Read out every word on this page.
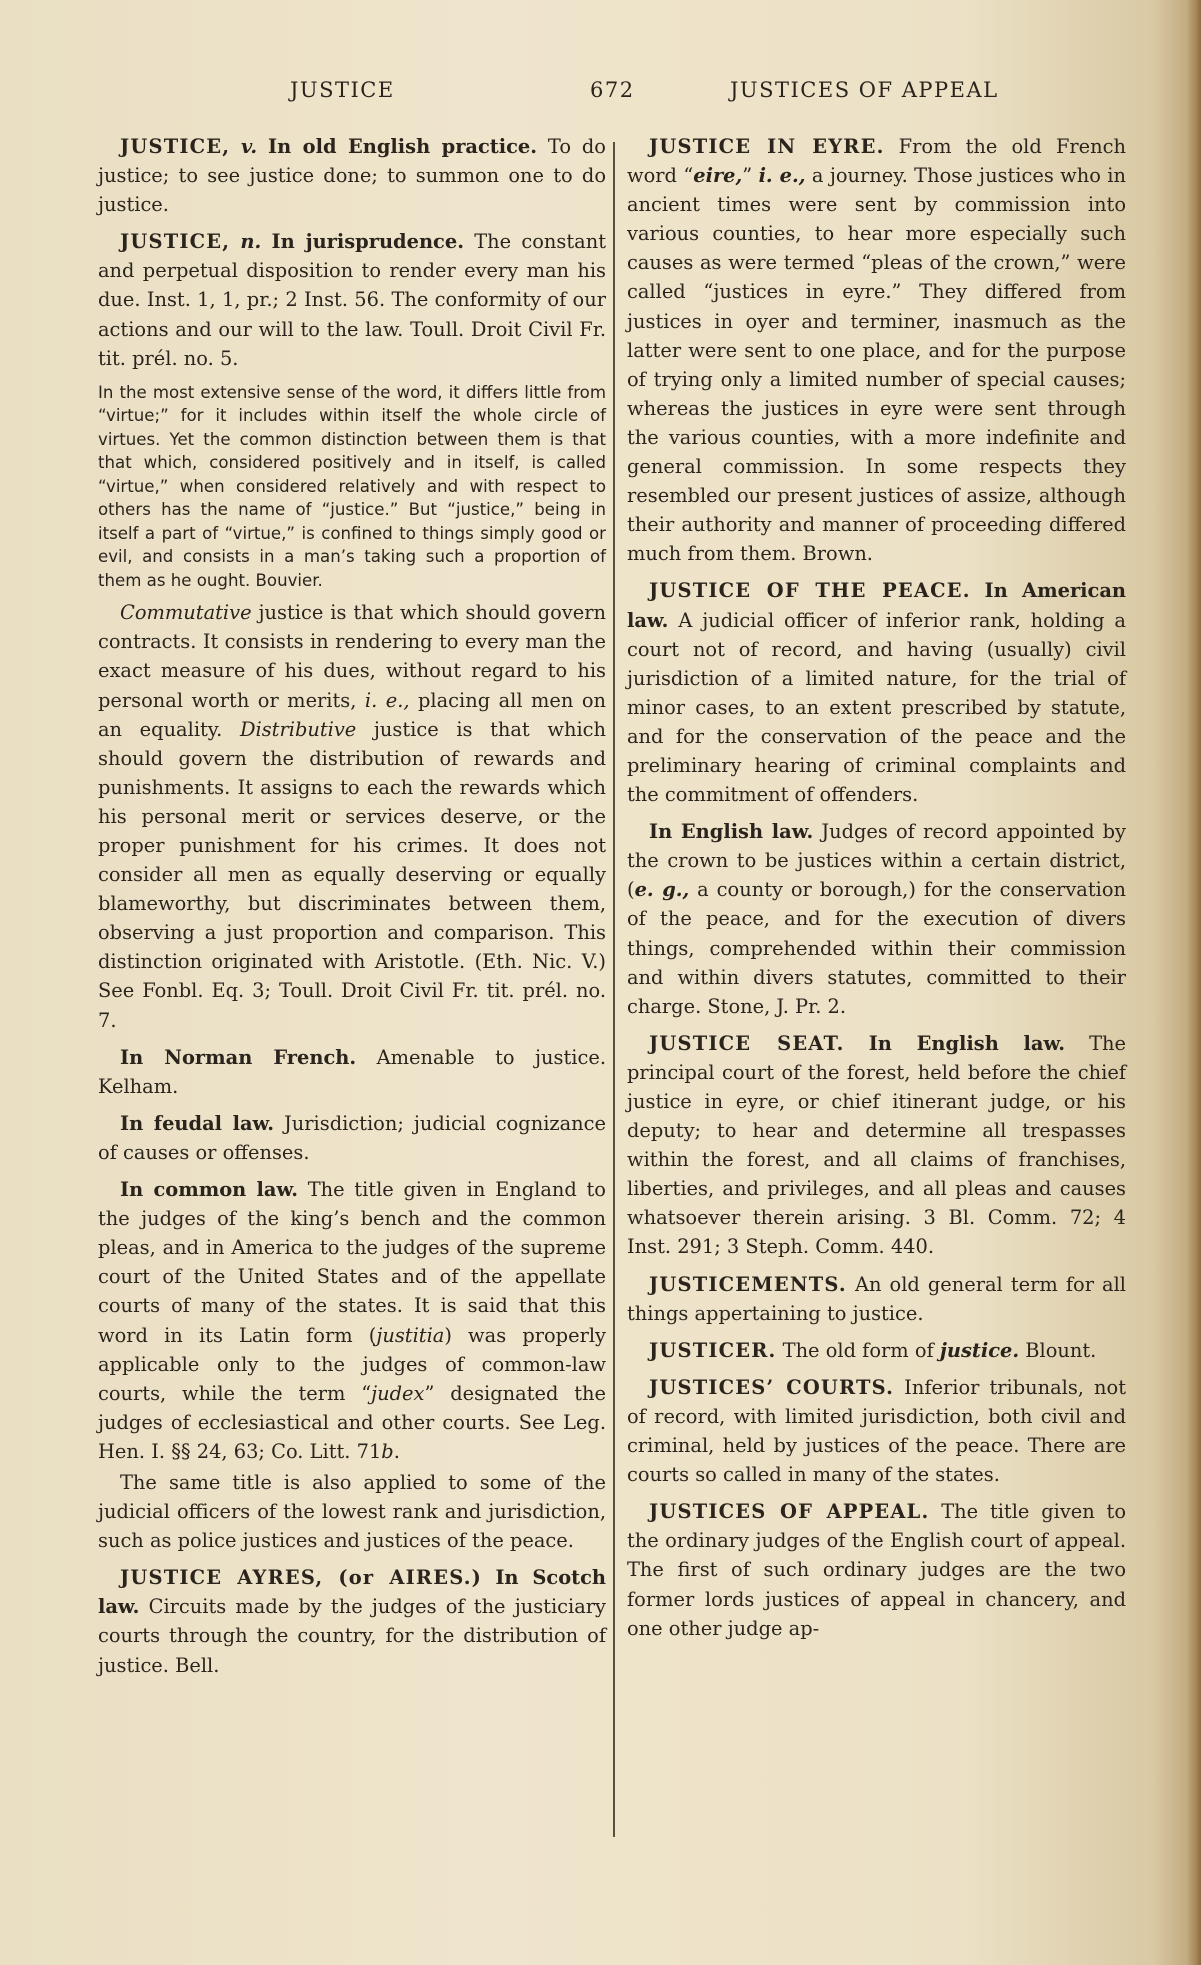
JUSTICE	672	JUSTICES OF APPEAL

JUSTICE, v. In old English practice. To do justice; to see justice done; to summon one to do justice.

JUSTICE, n. In jurisprudence. The constant and perpetual disposition to render every man his due. Inst. 1, 1, pr.; 2 Inst. 56. The conformity of our actions and our will to the law. Toull. Droit Civil Fr. tit. prél. no. 5.

In the most extensive sense of the word, it differs little from “virtue;” for it includes within itself the whole circle of virtues. Yet the common distinction between them is that that which, considered positively and in itself, is called “virtue,” when considered relatively and with respect to others has the name of “justice.” But “justice,” being in itself a part of “virtue,” is confined to things simply good or evil, and consists in a man’s taking such a proportion of them as he ought. Bouvier.

Commutative justice is that which should govern contracts. It consists in rendering to every man the exact measure of his dues, without regard to his personal worth or merits, i. e., placing all men on an equality. Distributive justice is that which should govern the distribution of rewards and punishments. It assigns to each the rewards which his personal merit or services deserve, or the proper punishment for his crimes. It does not consider all men as equally deserving or equally blameworthy, but discriminates between them, observing a just proportion and comparison. This distinction originated with Aristotle. (Eth. Nic. V.) See Fonbl. Eq. 3; Toull. Droit Civil Fr. tit. prél. no. 7.

In Norman French. Amenable to justice. Kelham.

In feudal law. Jurisdiction; judicial cognizance of causes or offenses.

In common law. The title given in England to the judges of the king’s bench and the common pleas, and in America to the judges of the supreme court of the United States and of the appellate courts of many of the states. It is said that this word in its Latin form (justitia) was properly applicable only to the judges of common-law courts, while the term “judex” designated the judges of ecclesiastical and other courts. See Leg. Hen. I. §§ 24, 63; Co. Litt. 71b.

The same title is also applied to some of the judicial officers of the lowest rank and jurisdiction, such as police justices and justices of the peace.

JUSTICE AYRES, (or AIRES.) In Scotch law. Circuits made by the judges of the justiciary courts through the country, for the distribution of justice. Bell.

JUSTICE IN EYRE. From the old French word “eire,” i. e., a journey. Those justices who in ancient times were sent by commission into various counties, to hear more especially such causes as were termed “pleas of the crown,” were called “justices in eyre.” They differed from justices in oyer and terminer, inasmuch as the latter were sent to one place, and for the purpose of trying only a limited number of special causes; whereas the justices in eyre were sent through the various counties, with a more indefinite and general commission. In some respects they resembled our present justices of assize, although their authority and manner of proceeding differed much from them. Brown.

JUSTICE OF THE PEACE. In American law. A judicial officer of inferior rank, holding a court not of record, and having (usually) civil jurisdiction of a limited nature, for the trial of minor cases, to an extent prescribed by statute, and for the conservation of the peace and the preliminary hearing of criminal complaints and the commitment of offenders.

In English law. Judges of record appointed by the crown to be justices within a certain district, (e. g., a county or borough,) for the conservation of the peace, and for the execution of divers things, comprehended within their commission and within divers statutes, committed to their charge. Stone, J. Pr. 2.

JUSTICE SEAT. In English law. The principal court of the forest, held before the chief justice in eyre, or chief itinerant judge, or his deputy; to hear and determine all trespasses within the forest, and all claims of franchises, liberties, and privileges, and all pleas and causes whatsoever therein arising. 3 Bl. Comm. 72; 4 Inst. 291; 3 Steph. Comm. 440.

JUSTICEMENTS. An old general term for all things appertaining to justice.

JUSTICER. The old form of justice. Blount.

JUSTICES’ COURTS. Inferior tribunals, not of record, with limited jurisdiction, both civil and criminal, held by justices of the peace. There are courts so called in many of the states.

JUSTICES OF APPEAL. The title given to the ordinary judges of the English court of appeal. The first of such ordinary judges are the two former lords justices of appeal in chancery, and one other judge ap-
